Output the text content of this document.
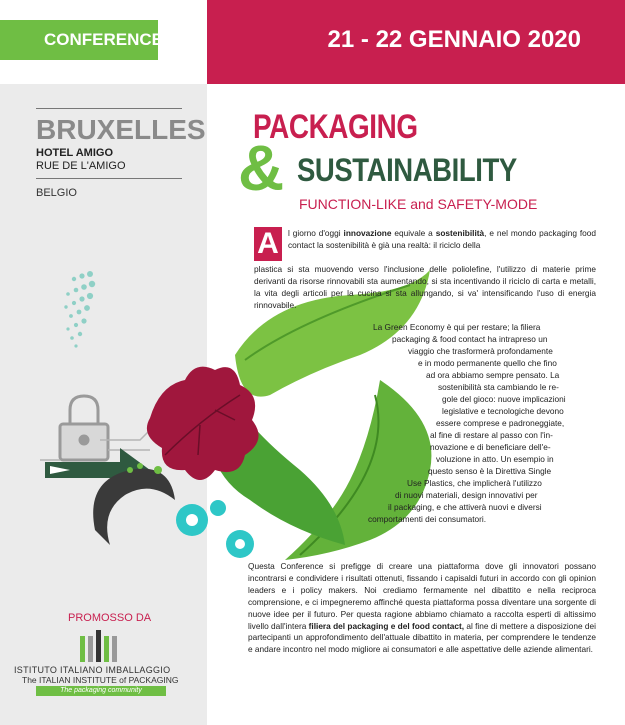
CONFERENCE	21 - 22 GENNAIO 2020
BRUXELLES
HOTEL AMIGO
RUE DE L'AMIGO
BELGIO
PACKAGING
& SUSTAINABILITY
FUNCTION-LIKE and SAFETY-MODE
A	l giorno d'oggi innovazione equivale a sostenibilità, e nel mondo packaging food contact la sostenibilità è già una realtà: il riciclo della
plastica si sta muovendo verso l'inclusione delle poliolefine, l'utilizzo di materie prime derivanti da risorse rinnovabili sta aumentando, si sta incentivando il riciclo di carta e metalli, la vita degli articoli per la cucina si sta allungando, si va' intensificando l'uso di energia rinnovabile.
La Green Economy è qui per restare; la filiera
packaging & food contact ha intrapreso un
viaggio che trasformerà profondamente
e in modo permanente quello che fino
ad ora abbiamo sempre pensato. La
sostenibilità sta cambiando le re-
gole del gioco: nuove implicazioni
legislative e tecnologiche devono
essere comprese e padroneggiate,
al fine di restare al passo con l'in-
novazione e di beneficiare dell'e-
voluzione in atto. Un esempio in
questo senso è la Direttiva Single
Use Plastics, che implicherà l'utilizzo
di nuovi materiali, design innovativi per
il packaging, e che attiverà nuovi e diversi
comportamenti dei consumatori.
Questa Conference si prefigge di creare una piattaforma dove gli innovatori possano incontrarsi e condividere i risultati ottenuti, fissando i capisaldi futuri in accordo con gli opinion leaders e i policy makers. Noi crediamo fermamente nel dibattito e nella reciproca comprensione, e ci impegneremo affinché questa piattaforma possa diventare una sorgente di nuove idee per il futuro. Per questa ragione abbiamo chiamato a raccolta esperti di altissimo livello dall'intera filiera del packaging e del food contact, al fine di mettere a disposizione dei partecipanti un approfondimento dell'attuale dibattito in materia, per comprendere le tendenze e andare incontro nel modo migliore ai consumatori e alle aspettative delle aziende alimentari.
PROMOSSO DA
ISTITUTO ITALIANO IMBALLAGGIO
The ITALIAN INSTITUTE of PACKAGING
The packaging community
